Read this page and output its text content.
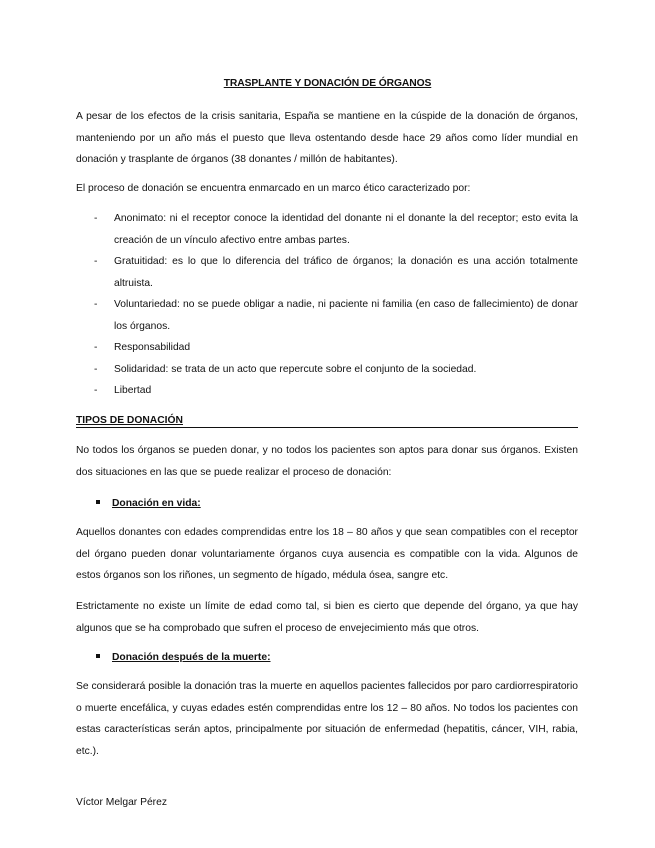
TRASPLANTE Y DONACIÓN DE ÓRGANOS

A pesar de los efectos de la crisis sanitaria, España se mantiene en la cúspide de la donación de órganos, manteniendo por un año más el puesto que lleva ostentando desde hace 29 años como líder mundial en donación y trasplante de órganos (38 donantes / millón de habitantes).

El proceso de donación se encuentra enmarcado en un marco ético caracterizado por:

- Anonimato: ni el receptor conoce la identidad del donante ni el donante la del receptor; esto evita la creación de un vínculo afectivo entre ambas partes.
- Gratuitidad: es lo que lo diferencia del tráfico de órganos; la donación es una acción totalmente altruista.
- Voluntariedad: no se puede obligar a nadie, ni paciente ni familia (en caso de fallecimiento) de donar los órganos.
- Responsabilidad
- Solidaridad: se trata de un acto que repercute sobre el conjunto de la sociedad.
- Libertad
TIPOS DE DONACIÓN

No todos los órganos se pueden donar, y no todos los pacientes son aptos para donar sus órganos. Existen dos situaciones en las que se puede realizar el proceso de donación:

Donación en vida:

Aquellos donantes con edades comprendidas entre los 18 – 80 años y que sean compatibles con el receptor del órgano pueden donar voluntariamente órganos cuya ausencia es compatible con la vida. Algunos de estos órganos son los riñones, un segmento de hígado, médula ósea, sangre etc.

Estrictamente no existe un límite de edad como tal, si bien es cierto que depende del órgano, ya que hay algunos que se ha comprobado que sufren el proceso de envejecimiento más que otros.

Donación después de la muerte:

Se considerará posible la donación tras la muerte en aquellos pacientes fallecidos por paro cardiorrespiratorio o muerte encefálica, y cuyas edades estén comprendidas entre los 12 – 80 años. No todos los pacientes con estas características serán aptos, principalmente por situación de enfermedad (hepatitis, cáncer, VIH, rabia, etc.).

Víctor Melgar Pérez
